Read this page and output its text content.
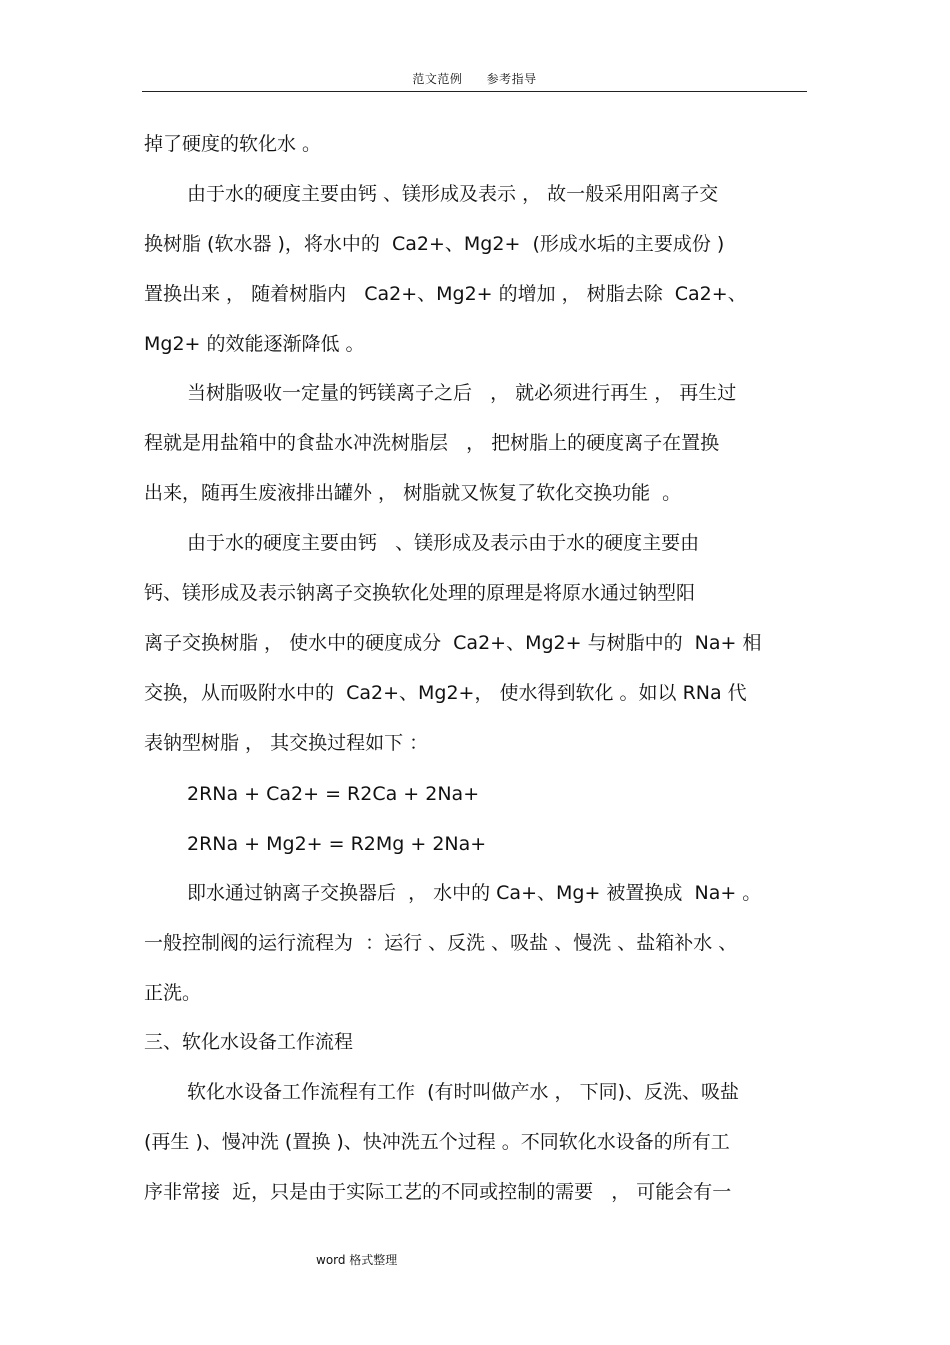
范文范例 参考指导
掉了硬度的软化水 。
由于水的硬度主要由钙 、镁形成及表示 ， 故一般采用阳离子交
换树脂 (软水器 )，将水中的  Ca2+、Mg2+  (形成水垢的主要成份 )
置换出来 ， 随着树脂内   Ca2+、Mg2+ 的增加 ， 树脂去除  Ca2+、
Mg2+ 的效能逐渐降低 。
当树脂吸收一定量的钙镁离子之后   ， 就必须进行再生 ， 再生过
程就是用盐箱中的食盐水冲洗树脂层   ， 把树脂上的硬度离子在置换
出来，随再生废液排出罐外 ， 树脂就又恢复了软化交换功能  。
由于水的硬度主要由钙   、镁形成及表示由于水的硬度主要由
钙、镁形成及表示钠离子交换软化处理的原理是将原水通过钠型阳
离子交换树脂 ， 使水中的硬度成分  Ca2+、Mg2+ 与树脂中的  Na+ 相
交换，从而吸附水中的  Ca2+、Mg2+， 使水得到软化 。如以 RNa 代
表钠型树脂 ， 其交换过程如下 ：
2RNa + Ca2+ = R2Ca + 2Na+
2RNa + Mg2+ = R2Mg + 2Na+
即水通过钠离子交换器后  ， 水中的 Ca+、Mg+ 被置换成  Na+ 。
一般控制阀的运行流程为  ：运行 、反洗 、吸盐 、慢洗 、盐箱补水 、
正洗。
三、软化水设备工作流程
软化水设备工作流程有工作  (有时叫做产水 ， 下同)、反洗、吸盐
(再生 )、慢冲洗 (置换 )、快冲洗五个过程 。不同软化水设备的所有工
序非常接  近，只是由于实际工艺的不同或控制的需要   ， 可能会有一
word 格式整理
